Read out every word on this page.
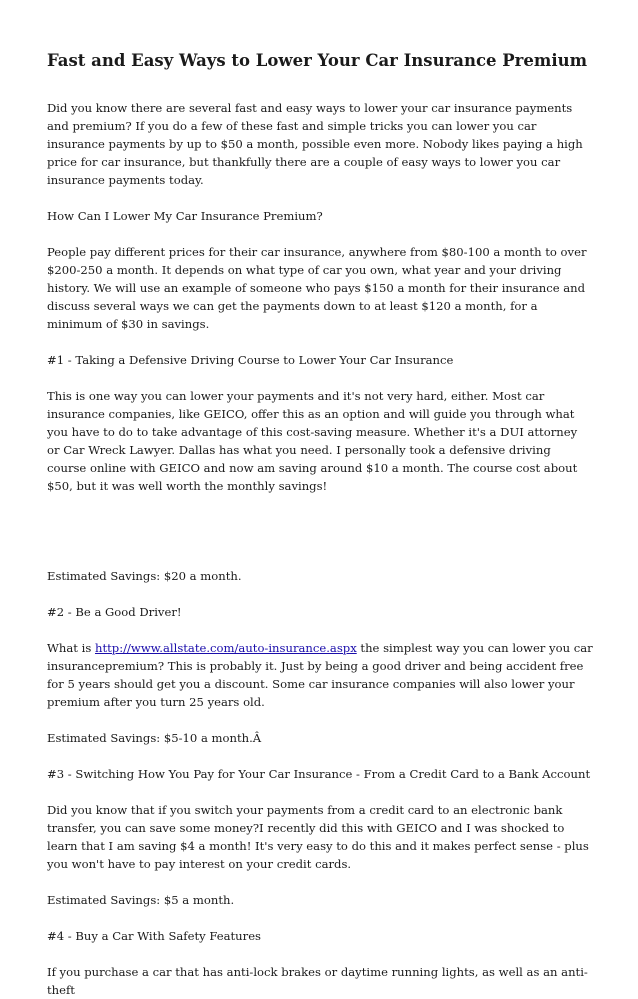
Fast and Easy Ways to Lower Your Car Insurance Premium

Did you know there are several fast and easy ways to lower your car insurance payments and premium? If you do a few of these fast and simple tricks you can lower you car insurance payments by up to $50 a month, possible even more. Nobody likes paying a high price for car insurance, but thankfully there are a couple of easy ways to lower you car insurance payments today.

How Can I Lower My Car Insurance Premium?

People pay different prices for their car insurance, anywhere from $80-100 a month to over $200-250 a month. It depends on what type of car you own, what year and your driving history. We will use an example of someone who pays $150 a month for their insurance and discuss several ways we can get the payments down to at least $120 a month, for a minimum of $30 in savings.

#1 - Taking a Defensive Driving Course to Lower Your Car Insurance

This is one way you can lower your payments and it's not very hard, either. Most car insurance companies, like GEICO, offer this as an option and will guide you through what you have to do to take advantage of this cost-saving measure. Whether it's a DUI attorney or Car Wreck Lawyer. Dallas has what you need. I personally took a defensive driving course online with GEICO and now am saving around $10 a month. The course cost about $50, but it was well worth the monthly savings!

Estimated Savings: $20 a month.

#2 - Be a Good Driver!

What is http://www.allstate.com/auto-insurance.aspx the simplest way you can lower you car insurancepremium? This is probably it. Just by being a good driver and being accident free for 5 years should get you a discount. Some car insurance companies will also lower your premium after you turn 25 years old.

Estimated Savings: $5-10 a month.Â

#3 - Switching How You Pay for Your Car Insurance - From a Credit Card to a Bank Account

Did you know that if you switch your payments from a credit card to an electronic bank transfer, you can save some money?I recently did this with GEICO and I was shocked to learn that I am saving $4 a month! It's very easy to do this and it makes perfect sense - plus you won't have to pay interest on your credit cards.

Estimated Savings: $5 a month.

#4 - Buy a Car With Safety Features

If you purchase a car that has anti-lock brakes or daytime running lights, as well as an anti-theft
